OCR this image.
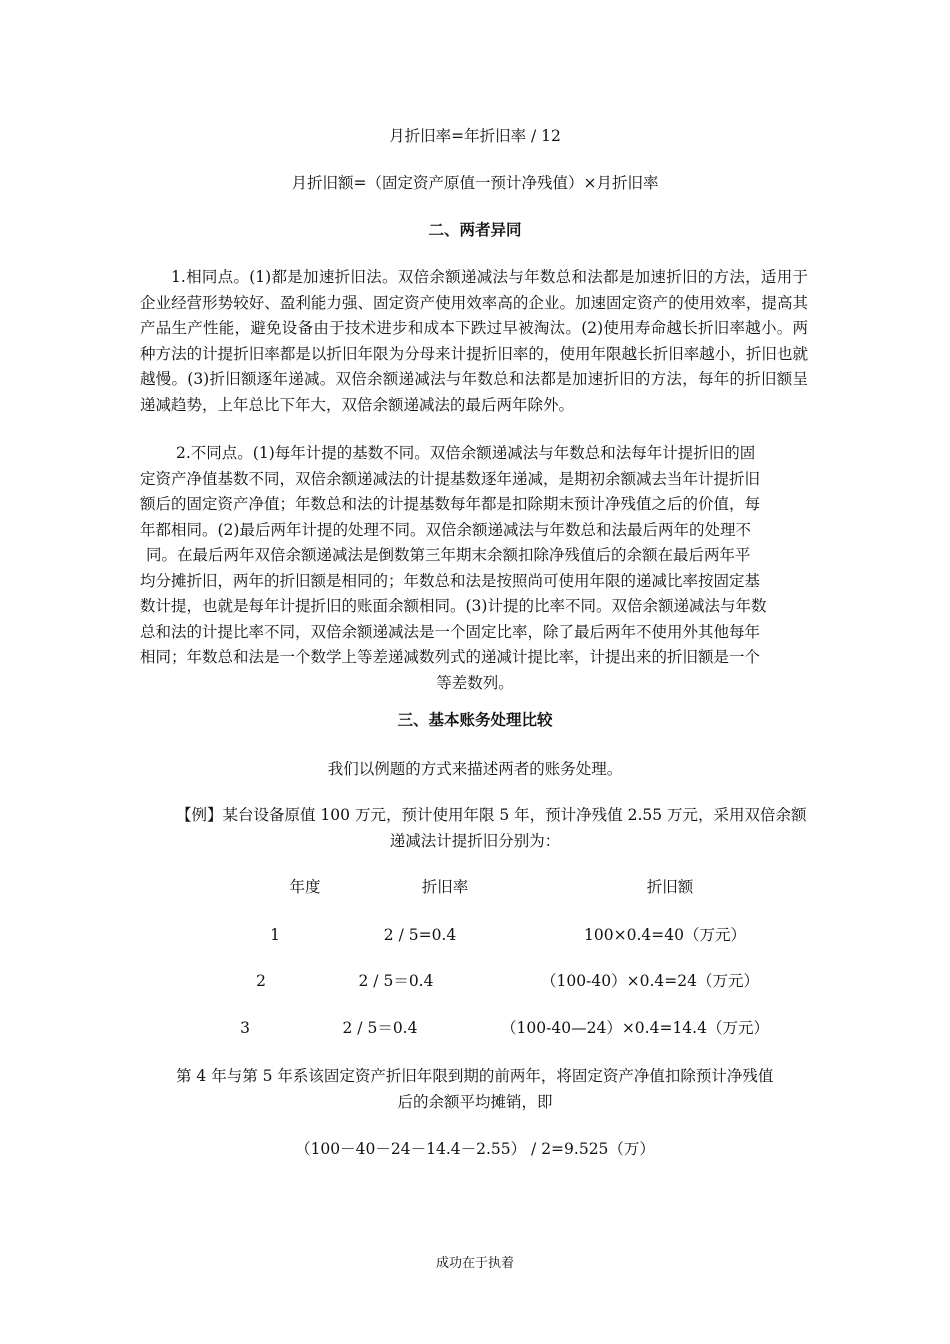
月折旧率=年折旧率 / 12
月折旧额=（固定资产原值一预计净残值）×月折旧率
二、两者异同

1.相同点。(1)都是加速折旧法。双倍余额递减法与年数总和法都是加速折旧的方法，适用于企业经营形势较好、盈利能力强、固定资产使用效率高的企业。加速固定资产的使用效率，提高其产品生产性能，避免设备由于技术进步和成本下跌过早被淘汰。(2)使用寿命越长折旧率越小。两种方法的计提折旧率都是以折旧年限为分母来计提折旧率的，使用年限越长折旧率越小，折旧也就越慢。(3)折旧额逐年递减。双倍余额递减法与年数总和法都是加速折旧的方法，每年的折旧额呈递减趋势，上年总比下年大，双倍余额递减法的最后两年除外。

2.不同点。(1)每年计提的基数不同。双倍余额递减法与年数总和法每年计提折旧的固
定资产净值基数不同，双倍余额递减法的计提基数逐年递减，是期初余额减去当年计提折旧
额后的固定资产净值；年数总和法的计提基数每年都是扣除期末预计净残值之后的价值，每
年都相同。(2)最后两年计提的处理不同。双倍余额递减法与年数总和法最后两年的处理不
同。在最后两年双倍余额递减法是倒数第三年期末余额扣除净残值后的余额在最后两年平
均分摊折旧，两年的折旧额是相同的；年数总和法是按照尚可使用年限的递减比率按固定基
数计提，也就是每年计提折旧的账面余额相同。(3)计提的比率不同。双倍余额递减法与年数
总和法的计提比率不同，双倍余额递减法是一个固定比率，除了最后两年不使用外其他每年
相同；年数总和法是一个数学上等差递减数列式的递减计提比率，计提出来的折旧额是一个
等差数列。
三、基本账务处理比较
我们以例题的方式来描述两者的账务处理。
【例】某台设备原值 100 万元，预计使用年限 5 年，预计净残值 2.55 万元，采用双倍余额
递减法计提折旧分别为：
年度	折旧率	折旧额
1	2 / 5=0.4	100×0.4=40（万元）
2	2 / 5＝0.4	（100-40）×0.4=24（万元）
3	2 / 5＝0.4	（100-40—24）×0.4=14.4（万元）
第 4 年与第 5 年系该固定资产折旧年限到期的前两年，将固定资产净值扣除预计净残值
后的余额平均摊销，即
（100－40－24－14.4－2.55） / 2=9.525（万）
成功在于执着
